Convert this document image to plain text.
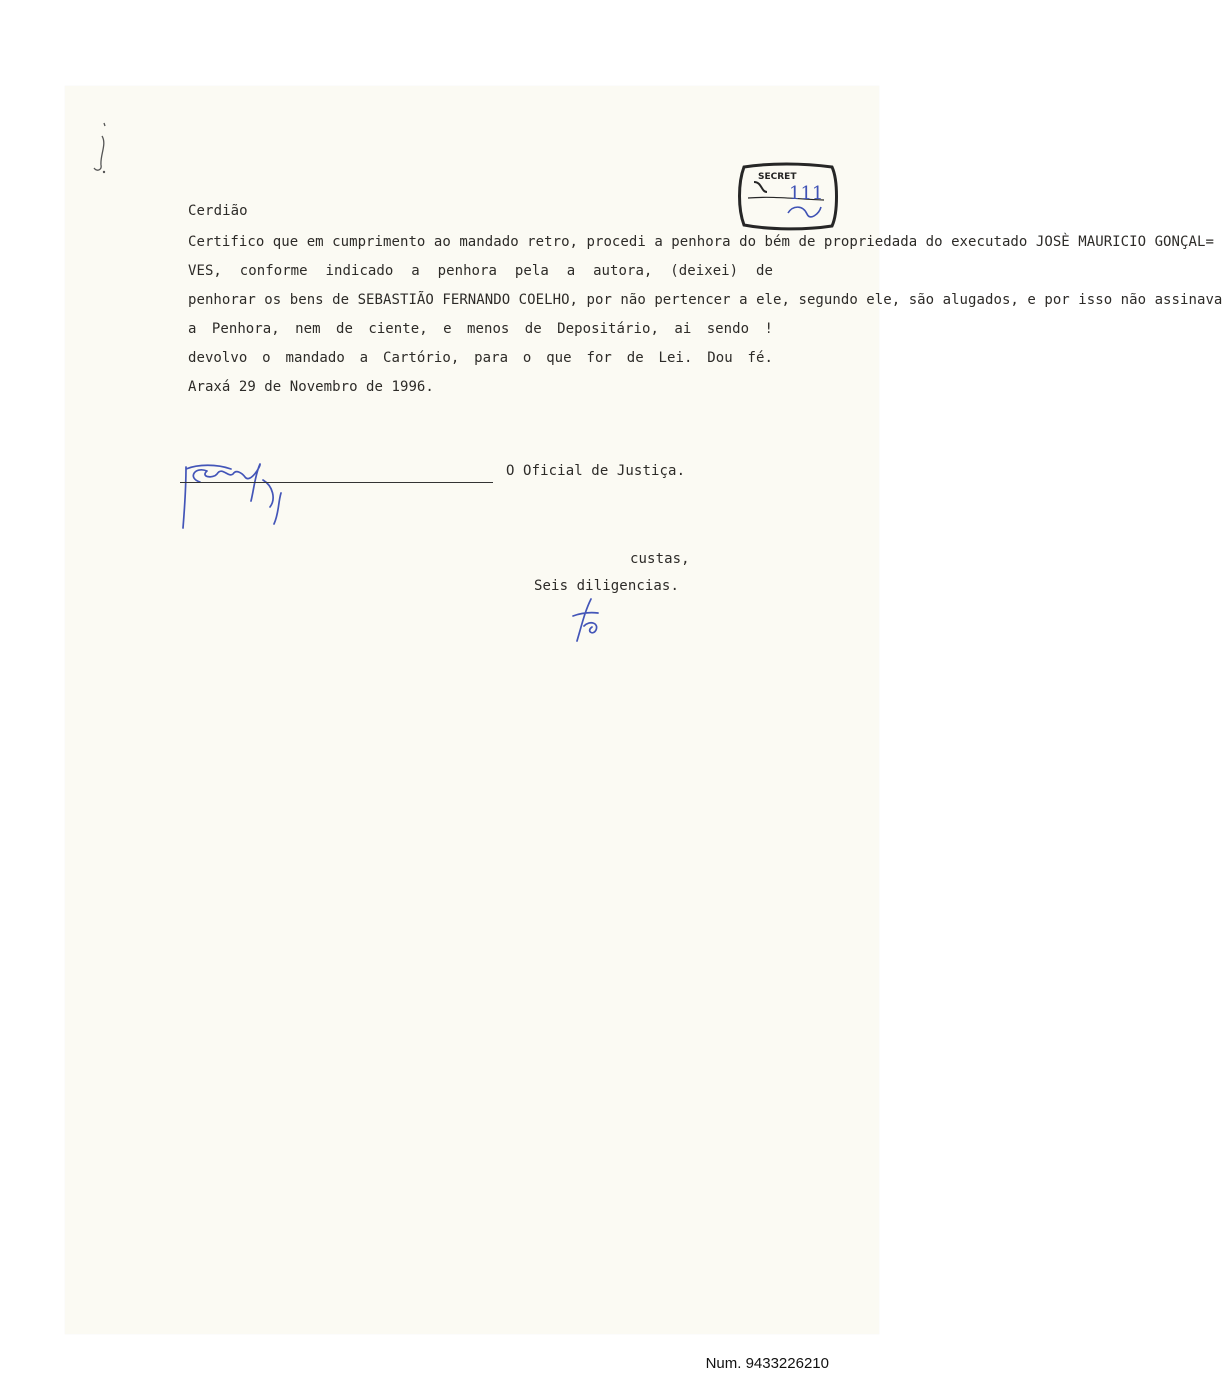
SECRET
111
Cerdião
Certifico que em cumprimento ao mandado retro, procedi a penhora do bém de propriedada do executado JOSÈ MAURICIO GONÇAL=
VES, conforme indicado a penhora pela a autora, (deixei) de
penhorar os bens de SEBASTIÃO FERNANDO COELHO, por não pertencer a ele, segundo ele, são alugados, e por isso não assinava
a Penhora, nem de ciente, e menos de Depositário, ai sendo !
devolvo o mandado a Cartório, para o que for de Lei. Dou fé.
Araxá 29 de Novembro de 1996.
O Oficial de Justiça.
custas,
Seis diligencias.
Num. 9433226210
